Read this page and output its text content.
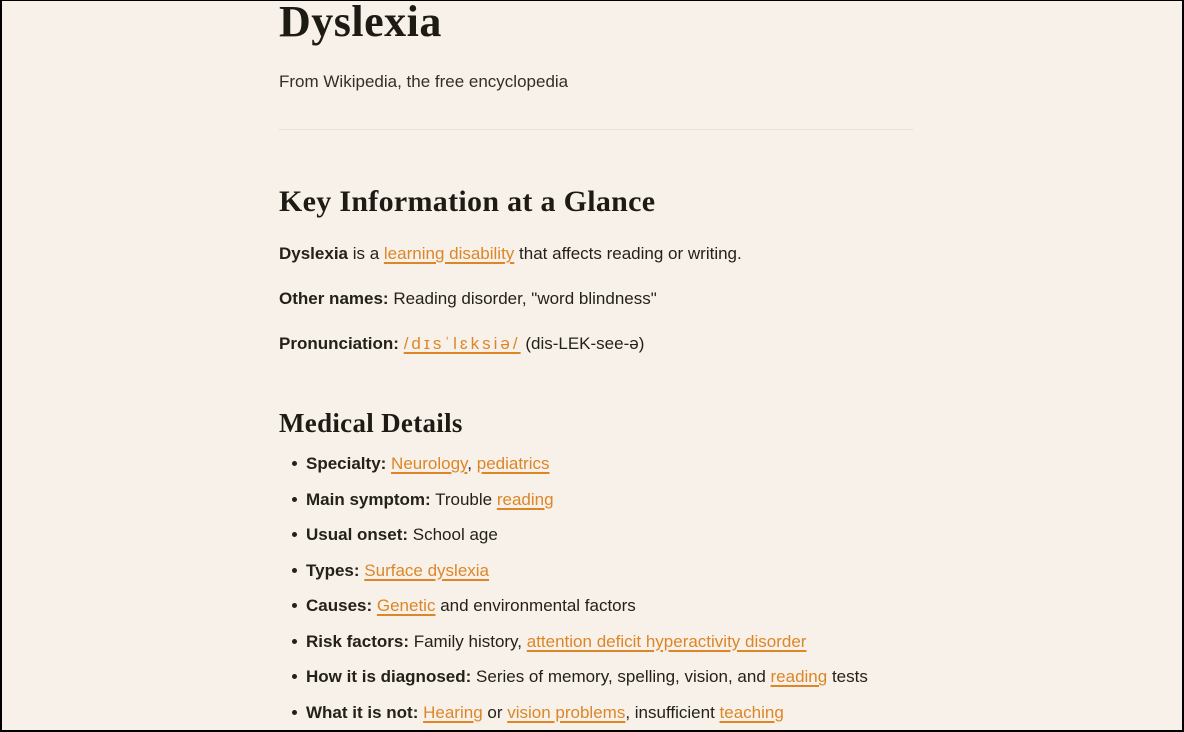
Dyslexia
From Wikipedia, the free encyclopedia
Key Information at a Glance

Dyslexia is a learning disability that affects reading or writing.

Other names: Reading disorder, "word blindness"

Pronunciation: /dɪsˈlɛksiə/ (dis-LEK-see-ə)

Medical Details
Specialty: Neurology, pediatrics
Main symptom: Trouble reading
Usual onset: School age
Types: Surface dyslexia
Causes: Genetic and environmental factors
Risk factors: Family history, attention deficit hyperactivity disorder
How it is diagnosed: Series of memory, spelling, vision, and reading tests
What it is not: Hearing or vision problems, insufficient teaching
